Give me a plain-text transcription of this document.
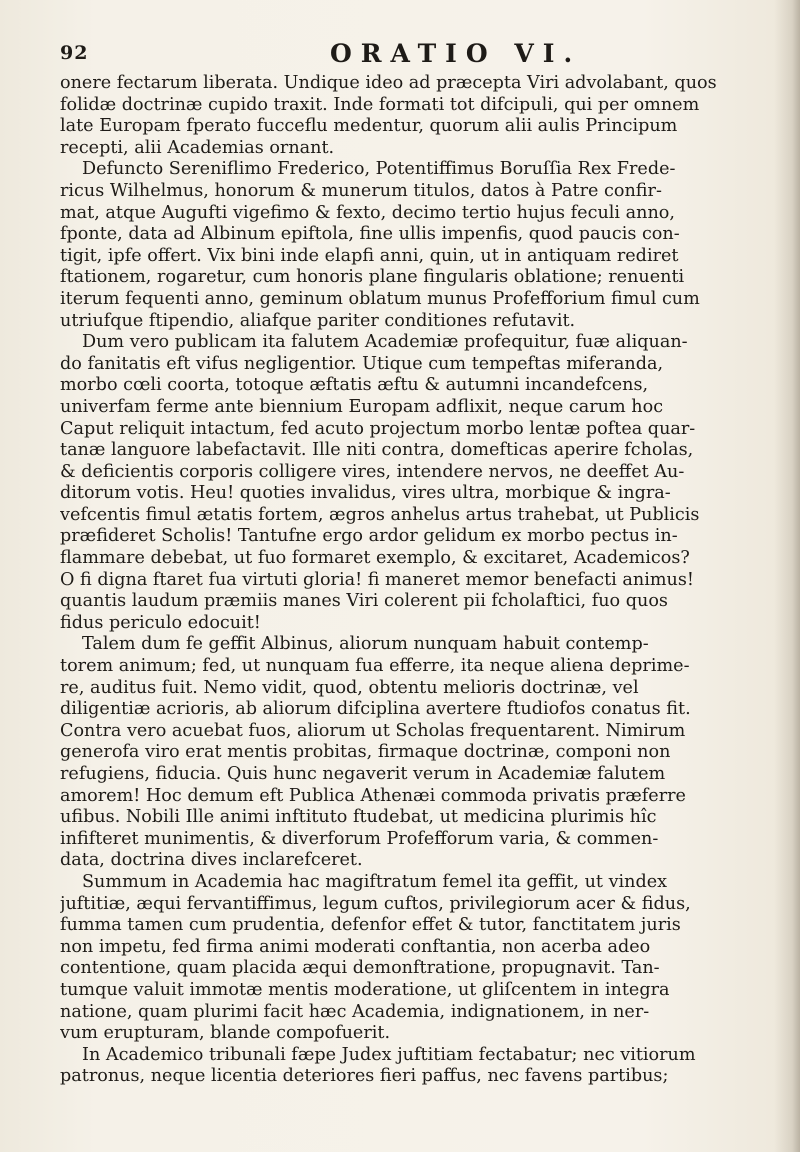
92	ORATIO VI.
onere fectarum liberata. Undique ideo ad præcepta Viri advolabant, quos
folidæ doctrinæ cupido traxit. Inde formati tot difcipuli, qui per omnem
late Europam fperato fucceflu medentur, quorum alii aulis Principum
recepti, alii Academias ornant.
Defuncto Sereniflimo Frederico, Potentiffimus Boruſſia Rex Frede-
ricus Wilhelmus, honorum & munerum titulos, datos à Patre confir-
mat, atque Augufti vigefimo & fexto, decimo tertio hujus feculi anno,
fponte, data ad Albinum epiftola, fine ullis impenfis, quod paucis con-
tigit, ipfe offert. Vix bini inde elapfi anni, quin, ut in antiquam rediret
ftationem, rogaretur, cum honoris plane fingularis oblatione; renuenti
iterum fequenti anno, geminum oblatum munus Profefforium fimul cum
utriufque ftipendio, aliafque pariter conditiones refutavit.
Dum vero publicam ita falutem Academiæ profequitur, fuæ aliquan-
do fanitatis eft vifus negligentior. Utique cum tempeftas miferanda,
morbo cœli coorta, totoque æftatis æftu & autumni incandefcens,
univerfam ferme ante biennium Europam adflixit, neque carum hoc
Caput reliquit intactum, fed acuto projectum morbo lentæ poftea quar-
tanæ languore labefactavit. Ille niti contra, domefticas aperire fcholas,
& deficientis corporis colligere vires, intendere nervos, ne deeffet Au-
ditorum votis. Heu! quoties invalidus, vires ultra, morbique & ingra-
vefcentis fimul ætatis fortem, ægros anhelus artus trahebat, ut Publicis
præfideret Scholis! Tantufne ergo ardor gelidum ex morbo pectus in-
flammare debebat, ut fuo formaret exemplo, & excitaret, Academicos?
O fi digna ftaret fua virtuti gloria! fi maneret memor benefacti animus!
quantis laudum præmiis manes Viri colerent pii fcholaftici, fuo quos
fidus periculo edocuit!
Talem dum fe geffit Albinus, aliorum nunquam habuit contemp-
torem animum; fed, ut nunquam fua efferre, ita neque aliena deprime-
re, auditus fuit. Nemo vidit, quod, obtentu melioris doctrinæ, vel
diligentiæ acrioris, ab aliorum difciplina avertere ftudiofos conatus fit.
Contra vero acuebat fuos, aliorum ut Scholas frequentarent. Nimirum
generofa viro erat mentis probitas, firmaque doctrinæ, componi non
refugiens, fiducia. Quis hunc negaverit verum in Academiæ falutem
amorem! Hoc demum eft Publica Athenæi commoda privatis præferre
ufibus. Nobili Ille animi inftituto ftudebat, ut medicina plurimis hîc
infifteret munimentis, & diverforum Profefforum varia, & commen-
data, doctrina dives inclarefceret.
Summum in Academia hac magiftratum femel ita geffit, ut vindex
juftitiæ, æqui fervantiffimus, legum cuftos, privilegiorum acer & fidus,
fumma tamen cum prudentia, defenfor effet & tutor, fanctitatem juris
non impetu, fed firma animi moderati conftantia, non acerba adeo
contentione, quam placida æqui demonftratione, propugnavit. Tan-
tumque valuit immotæ mentis moderatione, ut gliſcentem in integra
natione, quam plurimi facit hæc Academia, indignationem, in ner-
vum erupturam, blande compofuerit.
In Academico tribunali fæpe Judex juftitiam fectabatur; nec vitiorum
patronus, neque licentia deteriores fieri paffus, nec favens partibus;
